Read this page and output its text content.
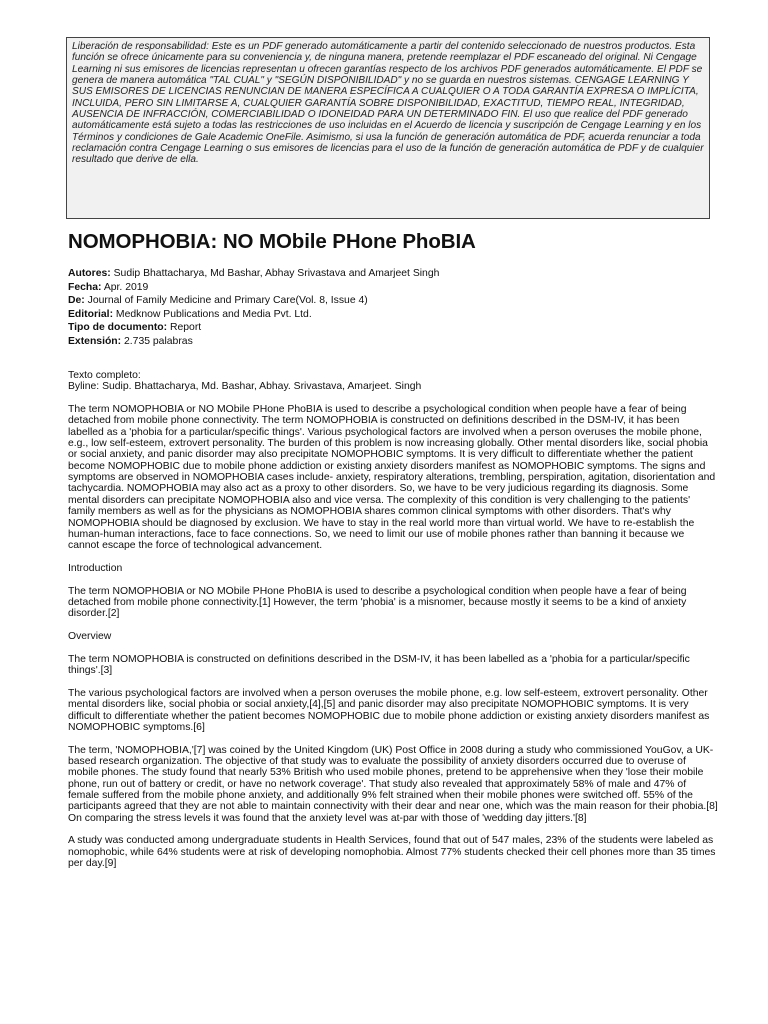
Liberación de responsabilidad: Este es un PDF generado automáticamente a partir del contenido seleccionado de nuestros productos. Esta función se ofrece únicamente para su conveniencia y, de ninguna manera, pretende reemplazar el PDF escaneado del original. Ni Cengage Learning ni sus emisores de licencias representan u ofrecen garantías respecto de los archivos PDF generados automáticamente. El PDF se genera de manera automática "TAL CUAL" y "SEGÚN DISPONIBILIDAD" y no se guarda en nuestros sistemas. CENGAGE LEARNING Y SUS EMISORES DE LICENCIAS RENUNCIAN DE MANERA ESPECÍFICA A CUALQUIER O A TODA GARANTÍA EXPRESA O IMPLÍCITA, INCLUIDA, PERO SIN LIMITARSE A, CUALQUIER GARANTÍA SOBRE DISPONIBILIDAD, EXACTITUD, TIEMPO REAL, INTEGRIDAD, AUSENCIA DE INFRACCIÓN, COMERCIABILIDAD O IDONEIDAD PARA UN DETERMINADO FIN. El uso que realice del PDF generado automáticamente está sujeto a todas las restricciones de uso incluidas en el Acuerdo de licencia y suscripción de Cengage Learning y en los Términos y condiciones de Gale Academic OneFile. Asimismo, si usa la función de generación automática de PDF, acuerda renunciar a toda reclamación contra Cengage Learning o sus emisores de licencias para el uso de la función de generación automática de PDF y de cualquier resultado que derive de ella.
NOMOPHOBIA: NO MObile PHone PhoBIA
Autores: Sudip Bhattacharya, Md Bashar, Abhay Srivastava and Amarjeet Singh
Fecha: Apr. 2019
De: Journal of Family Medicine and Primary Care(Vol. 8, Issue 4)
Editorial: Medknow Publications and Media Pvt. Ltd.
Tipo de documento: Report
Extensión: 2.735 palabras

Texto completo:
Byline: Sudip. Bhattacharya, Md. Bashar, Abhay. Srivastava, Amarjeet. Singh

The term NOMOPHOBIA or NO MObile PHone PhoBIA is used to describe a psychological condition when people have a fear of being detached from mobile phone connectivity. The term NOMOPHOBIA is constructed on definitions described in the DSM-IV, it has been labelled as a 'phobia for a particular/specific things'. Various psychological factors are involved when a person overuses the mobile phone, e.g., low self-esteem, extrovert personality. The burden of this problem is now increasing globally. Other mental disorders like, social phobia or social anxiety, and panic disorder may also precipitate NOMOPHOBIC symptoms. It is very difficult to differentiate whether the patient become NOMOPHOBIC due to mobile phone addiction or existing anxiety disorders manifest as NOMOPHOBIC symptoms. The signs and symptoms are observed in NOMOPHOBIA cases include- anxiety, respiratory alterations, trembling, perspiration, agitation, disorientation and tachycardia. NOMOPHOBIA may also act as a proxy to other disorders. So, we have to be very judicious regarding its diagnosis. Some mental disorders can precipitate NOMOPHOBIA also and vice versa. The complexity of this condition is very challenging to the patients' family members as well as for the physicians as NOMOPHOBIA shares common clinical symptoms with other disorders. That's why NOMOPHOBIA should be diagnosed by exclusion. We have to stay in the real world more than virtual world. We have to re-establish the human-human interactions, face to face connections. So, we need to limit our use of mobile phones rather than banning it because we cannot escape the force of technological advancement.

Introduction

The term NOMOPHOBIA or NO MObile PHone PhoBIA is used to describe a psychological condition when people have a fear of being detached from mobile phone connectivity.[1] However, the term 'phobia' is a misnomer, because mostly it seems to be a kind of anxiety disorder.[2]

Overview

The term NOMOPHOBIA is constructed on definitions described in the DSM-IV, it has been labelled as a 'phobia for a particular/specific things'.[3]

The various psychological factors are involved when a person overuses the mobile phone, e.g. low self-esteem, extrovert personality. Other mental disorders like, social phobia or social anxiety,[4],[5] and panic disorder may also precipitate NOMOPHOBIC symptoms. It is very difficult to differentiate whether the patient becomes NOMOPHOBIC due to mobile phone addiction or existing anxiety disorders manifest as NOMOPHOBIC symptoms.[6]

The term, 'NOMOPHOBIA,'[7] was coined by the United Kingdom (UK) Post Office in 2008 during a study who commissioned YouGov, a UK-based research organization. The objective of that study was to evaluate the possibility of anxiety disorders occurred due to overuse of mobile phones. The study found that nearly 53% British who used mobile phones, pretend to be apprehensive when they 'lose their mobile phone, run out of battery or credit, or have no network coverage'. That study also revealed that approximately 58% of male and 47% of female suffered from the mobile phone anxiety, and additionally 9% felt strained when their mobile phones were switched off. 55% of the participants agreed that they are not able to maintain connectivity with their dear and near one, which was the main reason for their phobia.[8] On comparing the stress levels it was found that the anxiety level was at-par with those of 'wedding day jitters.'[8]

A study was conducted among undergraduate students in Health Services, found that out of 547 males, 23% of the students were labeled as nomophobic, while 64% students were at risk of developing nomophobia. Almost 77% students checked their cell phones more than 35 times per day.[9]
